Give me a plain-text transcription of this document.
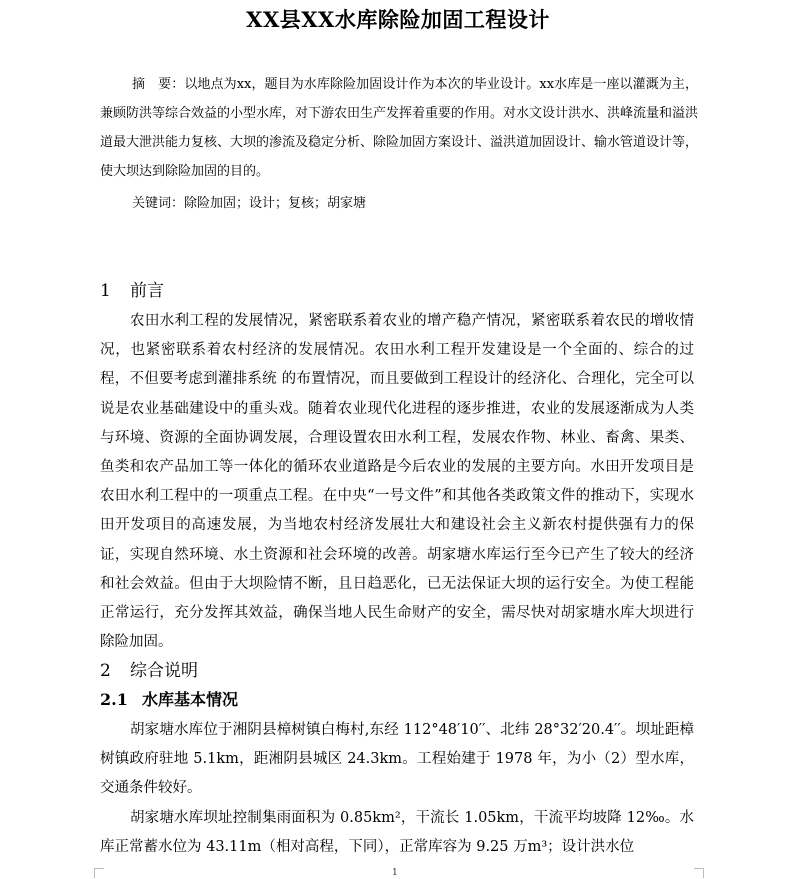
XX县XX水库除险加固工程设计
摘　要：以地点为xx，题目为水库除险加固设计作为本次的毕业设计。xx水库是一座以灌溉为主，兼顾防洪等综合效益的小型水库，对下游农田生产发挥着重要的作用。对水文设计洪水、洪峰流量和溢洪道最大泄洪能力复核、大坝的渗流及稳定分析、除险加固方案设计、溢洪道加固设计、输水管道设计等，使大坝达到除险加固的目的。
关键词：除险加固；设计；复核；胡家塘
1 前言
农田水利工程的发展情况，紧密联系着农业的增产稳产情况，紧密联系着农民的增收情况，也紧密联系着农村经济的发展情况。农田水利工程开发建设是一个全面的、综合的过程，不但要考虑到灌排系统 的布置情况，而且要做到工程设计的经济化、合理化，完全可以说是农业基础建设中的重头戏。随着农业现代化进程的逐步推进，农业的发展逐渐成为人类与环境、资源的全面协调发展，合理设置农田水利工程，发展农作物、林业、畜禽、果类、鱼类和农产品加工等一体化的循环农业道路是今后农业的发展的主要方向。水田开发项目是农田水利工程中的一项重点工程。在中央“一号文件”和其他各类政策文件的推动下，实现水田开发项目的高速发展，为当地农村经济发展壮大和建设社会主义新农村提供强有力的保证，实现自然环境、水土资源和社会环境的改善。胡家塘水库运行至今已产生了较大的经济和社会效益。但由于大坝险情不断，且日趋恶化，已无法保证大坝的运行安全。为使工程能正常运行，充分发挥其效益，确保当地人民生命财产的安全，需尽快对胡家塘水库大坝进行除险加固。
2 综合说明
2.1 水库基本情况
胡家塘水库位于湘阴县樟树镇白梅村,东经 112°48′10′′、北纬 28°32′20.4′′。坝址距樟树镇政府驻地 5.1km，距湘阴县城区 24.3km。工程始建于 1978 年，为小（2）型水库，交通条件较好。
胡家塘水库坝址控制集雨面积为 0.85km²，干流长 1.05km，干流平均坡降 12‰。水库正常蓄水位为 43.11m（相对高程，下同），正常库容为 9.25 万m³；设计洪水位
1
